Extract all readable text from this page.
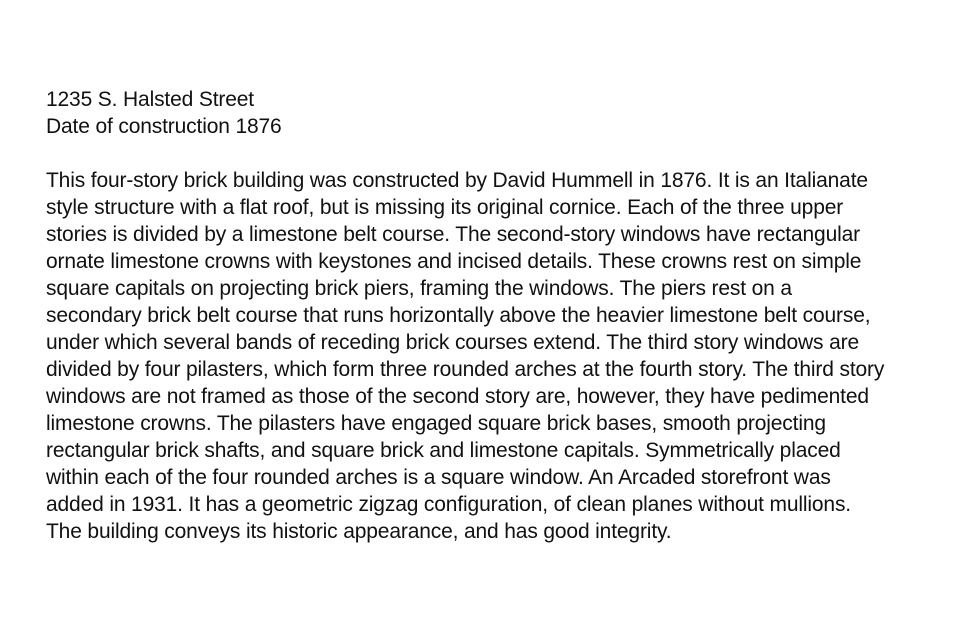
1235 S. Halsted Street
Date of construction 1876
This four-story brick building was constructed by David Hummell in 1876. It is an Italianate
style structure with a flat roof, but is missing its original cornice. Each of the three upper
stories is divided by a limestone belt course. The second-story windows have rectangular
ornate limestone crowns with keystones and incised details. These crowns rest on simple
square capitals on projecting brick piers, framing the windows. The piers rest on a
secondary brick belt course that runs horizontally above the heavier limestone belt course,
under which several bands of receding brick courses extend. The third story windows are
divided by four pilasters, which form three rounded arches at the fourth story. The third story
windows are not framed as those of the second story are, however, they have pedimented
limestone crowns. The pilasters have engaged square brick bases, smooth projecting
rectangular brick shafts, and square brick and limestone capitals. Symmetrically placed
within each of the four rounded arches is a square window. An Arcaded storefront was
added in 1931. It has a geometric zigzag configuration, of clean planes without mullions.
The building conveys its historic appearance, and has good integrity.
